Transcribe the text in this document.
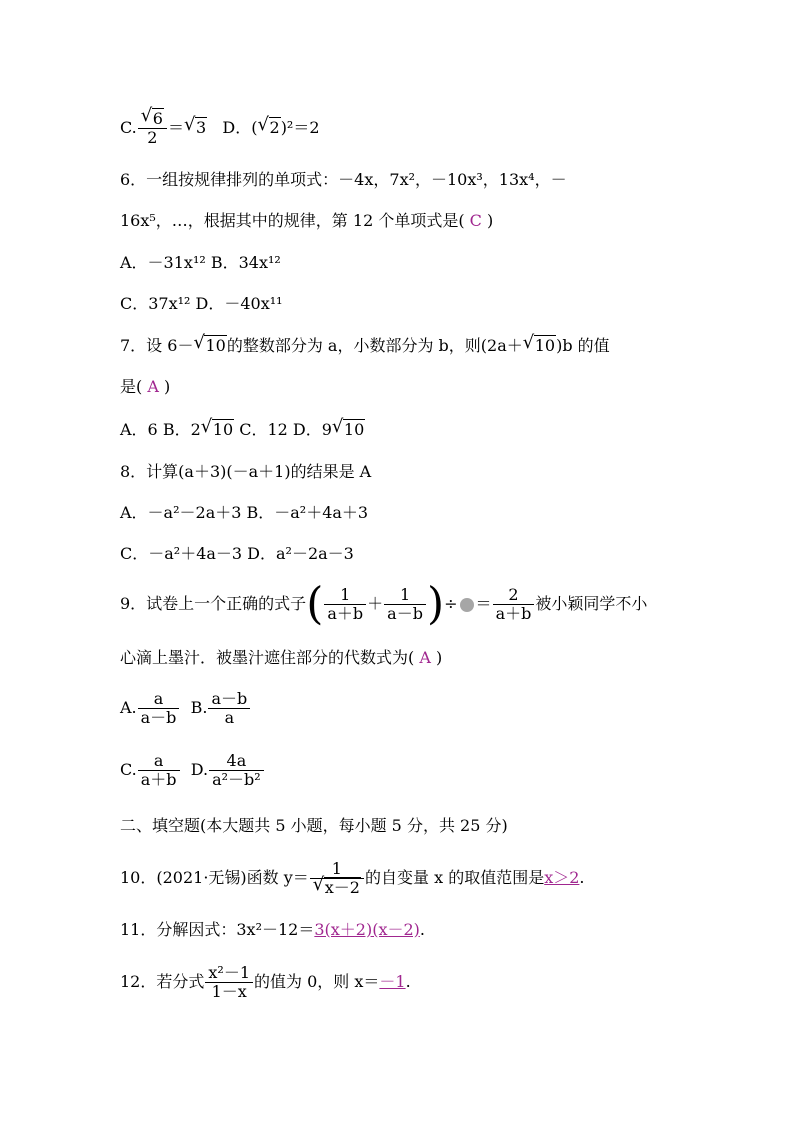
C. $\frac{√ 6}{2}$ ＝ √ 3 D．( √ 2)²＝2
6．一组按规律排列的单项式：－4x，7x²，－10x³，13x⁴，－
16x⁵，…，根据其中的规律，第 12 个单项式是( C )
A．－31x¹² B．34x¹²
C．37x¹² D．－40x¹¹
7．设 6－ √ 10的整数部分为 a，小数部分为 b，则(2a＋ √ 10)b 的值
是( A )
A．6 B．2 √ 10 C．12 D．9 √ 10
8．计算(a＋3)(－a＋1)的结果是 A
A．－a²－2a＋3 B．－a²＋4a＋3
C．－a²＋4a－3 D．a²－2a－3
9．试卷上一个正确的式子( $\frac{1}{a+b} + \frac{1}{a-b}$ )÷ ＝ $\frac{2}{a+b}$ 被小颖同学不小
心滴上墨汁．被墨汁遮住部分的代数式为( A )
A. $\frac{a}{a-b} B$. $\frac{a-b}{a}$
C. $\frac{a}{a+b} D$. $\frac{4a}{\text{a²－b²}}$
二、填空题(本大题共 5 小题，每小题 5 分，共 25 分)
10．(2021·无锡)函数 $y= \frac{1}{√ x-2}$ 的自变量 x 的取值范围是x＞2.
11．分解因式：3x²－12＝3(x＋2)(x－2).
12．若分式 $\frac{\text{x²－1}}{1-x}$ 的值为 0，则 x＝－1.
